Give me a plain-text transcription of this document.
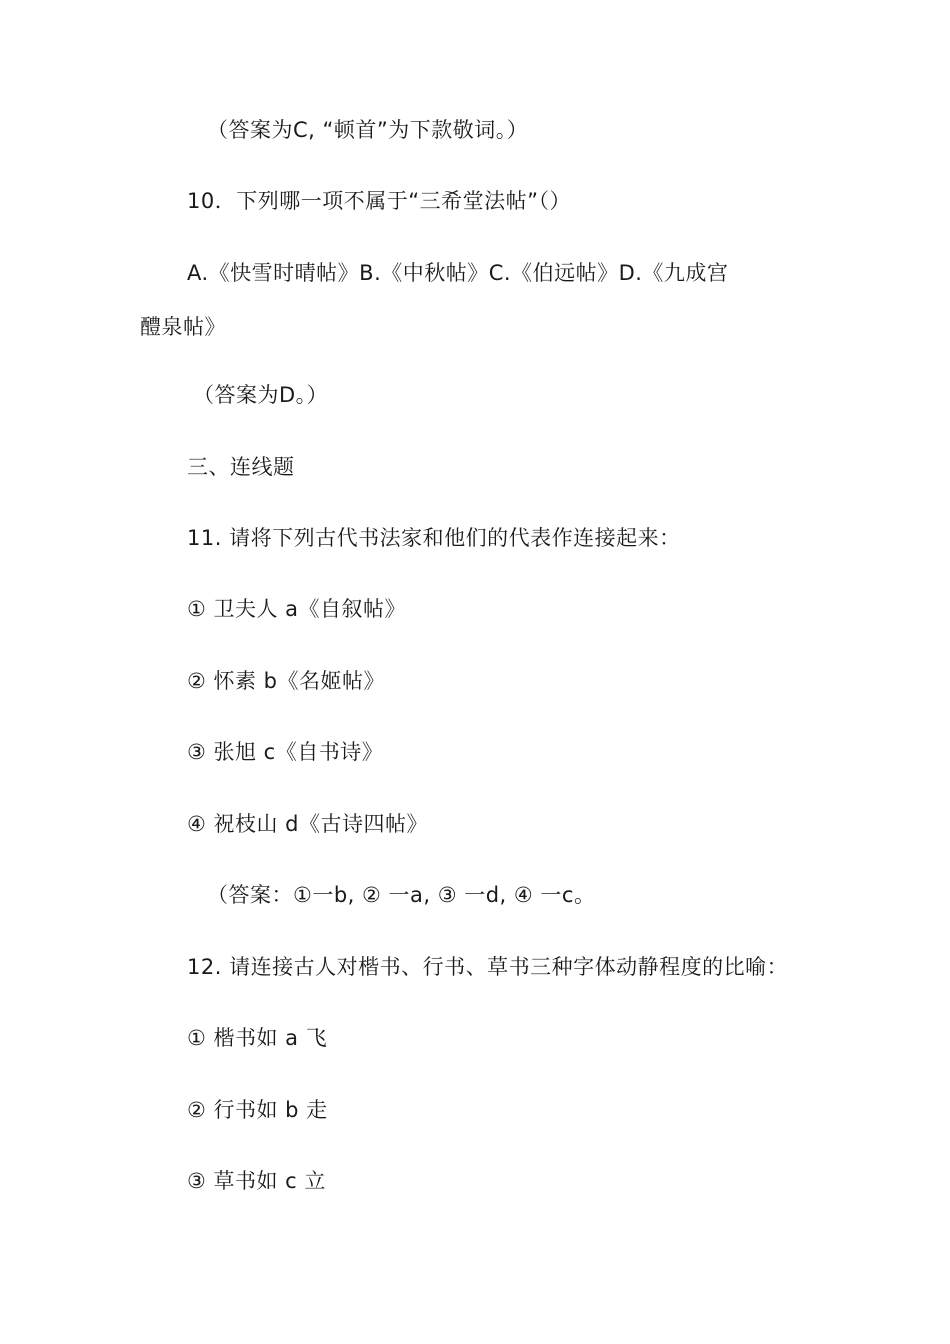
（答案为C, “顿首”为下款敬词。）
10．下列哪一项不属于“三希堂法帖”（）
A.《快雪时晴帖》B.《中秋帖》C.《伯远帖》D.《九成宫
醴泉帖》
（答案为D。）
三、连线题
11. 请将下列古代书法家和他们的代表作连接起来：
① 卫夫人 a《自叙帖》
② 怀素 b《名姬帖》
③ 张旭 c《自书诗》
④ 祝枝山 d《古诗四帖》
（答案：①一b, ② 一a, ③ 一d, ④ 一c。
12. 请连接古人对楷书、行书、草书三种字体动静程度的比喻：
① 楷书如 a 飞
② 行书如 b 走
③ 草书如 c 立
